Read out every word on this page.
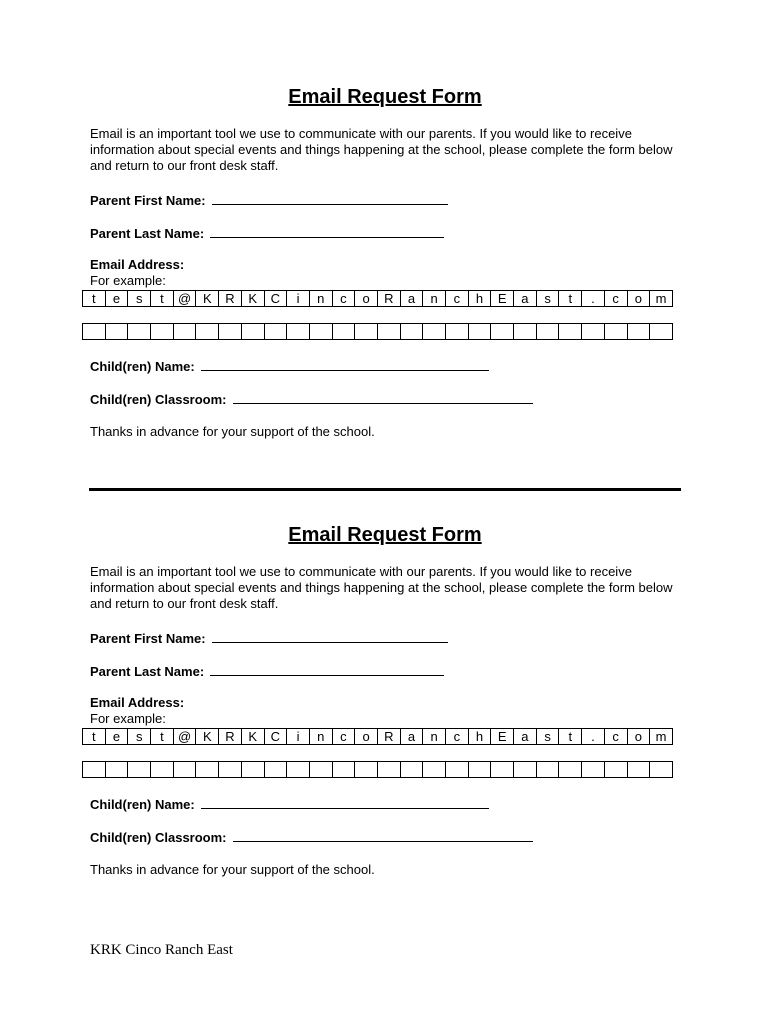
Email Request Form
Email is an important tool we use to communicate with our parents. If you would like to receive information about special events and things happening at the school, please complete the form below and return to our front desk staff.
Parent First Name:
Parent Last Name:
Email Address:
For example:
t	e	s	t	@	K	R	K	C	i	n	c	o	R	a	n	c	h	E	a	s	t	.	c	o	m

Child(ren) Name:
Child(ren) Classroom:
Thanks in advance for your support of the school.
Email Request Form
Email is an important tool we use to communicate with our parents. If you would like to receive information about special events and things happening at the school, please complete the form below and return to our front desk staff.
Parent First Name:
Parent Last Name:
Email Address:
For example:
t	e	s	t	@	K	R	K	C	i	n	c	o	R	a	n	c	h	E	a	s	t	.	c	o	m

Child(ren) Name:
Child(ren) Classroom:
Thanks in advance for your support of the school.
KRK Cinco Ranch East
